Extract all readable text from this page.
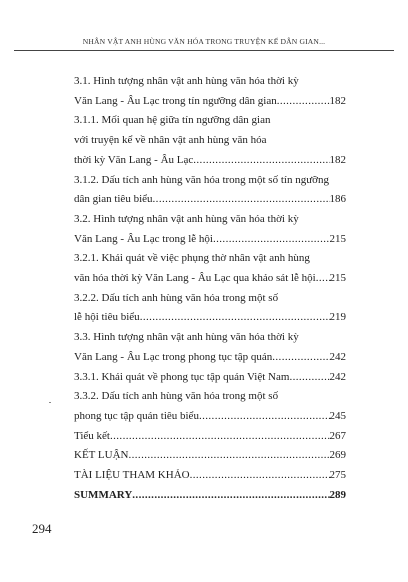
NHÂN VẬT ANH HÙNG VĂN HÓA TRONG TRUYỆN KỂ DÂN GIAN...
3.1. Hình tượng nhân vật anh hùng văn hóa thời kỳ
Văn Lang - Âu Lạc trong tín ngưỡng dân gian .....	182
3.1.1. Mối quan hệ giữa tín ngưỡng dân gian
với truyện kể về nhân vật anh hùng văn hóa
thời kỳ Văn Lang - Âu Lạc .....	182
3.1.2. Dấu tích anh hùng văn hóa trong một số tín ngưỡng
dân gian tiêu biểu .....	186
3.2. Hình tượng nhân vật anh hùng văn hóa thời kỳ
Văn Lang - Âu Lạc trong lễ hội .....	215
3.2.1. Khái quát về việc phụng thờ nhân vật anh hùng
văn hóa thời kỳ Văn Lang - Âu Lạc qua khảo sát lễ hội ..... 215
3.2.2. Dấu tích anh hùng văn hóa trong một số
lễ hội tiêu biểu .....	219
3.3. Hình tượng nhân vật anh hùng văn hóa thời kỳ
Văn Lang - Âu Lạc trong phong tục tập quán .....	242
3.3.1. Khái quát về phong tục tập quán Việt Nam .....	242
3.3.2. Dấu tích anh hùng văn hóa trong một số
phong tục tập quán tiêu biểu .....	245
Tiểu kết .....	267
KẾT LUẬN .....	269
TÀI LIỆU THAM KHẢO .....	275
SUMMARY .....	289
294
